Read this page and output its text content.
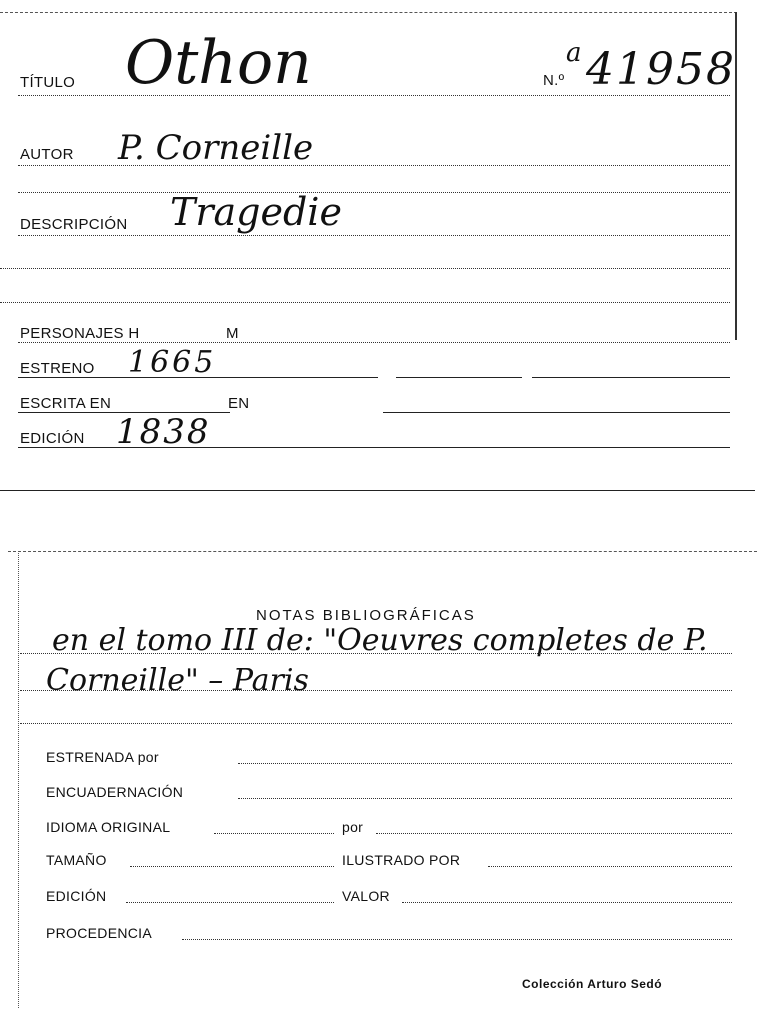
TÍTULO Othon	N.º
a 41958
AUTOR P. Corneille
DESCRIPCIÓN Tragedie
PERSONAJES H	M
ESTRENO 1665
ESCRITA EN	EN
EDICIÓN 1838
NOTAS BIBLIOGRÁFICAS
en el tomo III de: "Oeuvres completes de P.
Corneille" – Paris
ESTRENADA por
ENCUADERNACIÓN
IDIOMA ORIGINAL	por
TAMAÑO	ILUSTRADO POR
EDICIÓN	VALOR
PROCEDENCIA
Colección Arturo Sedó
